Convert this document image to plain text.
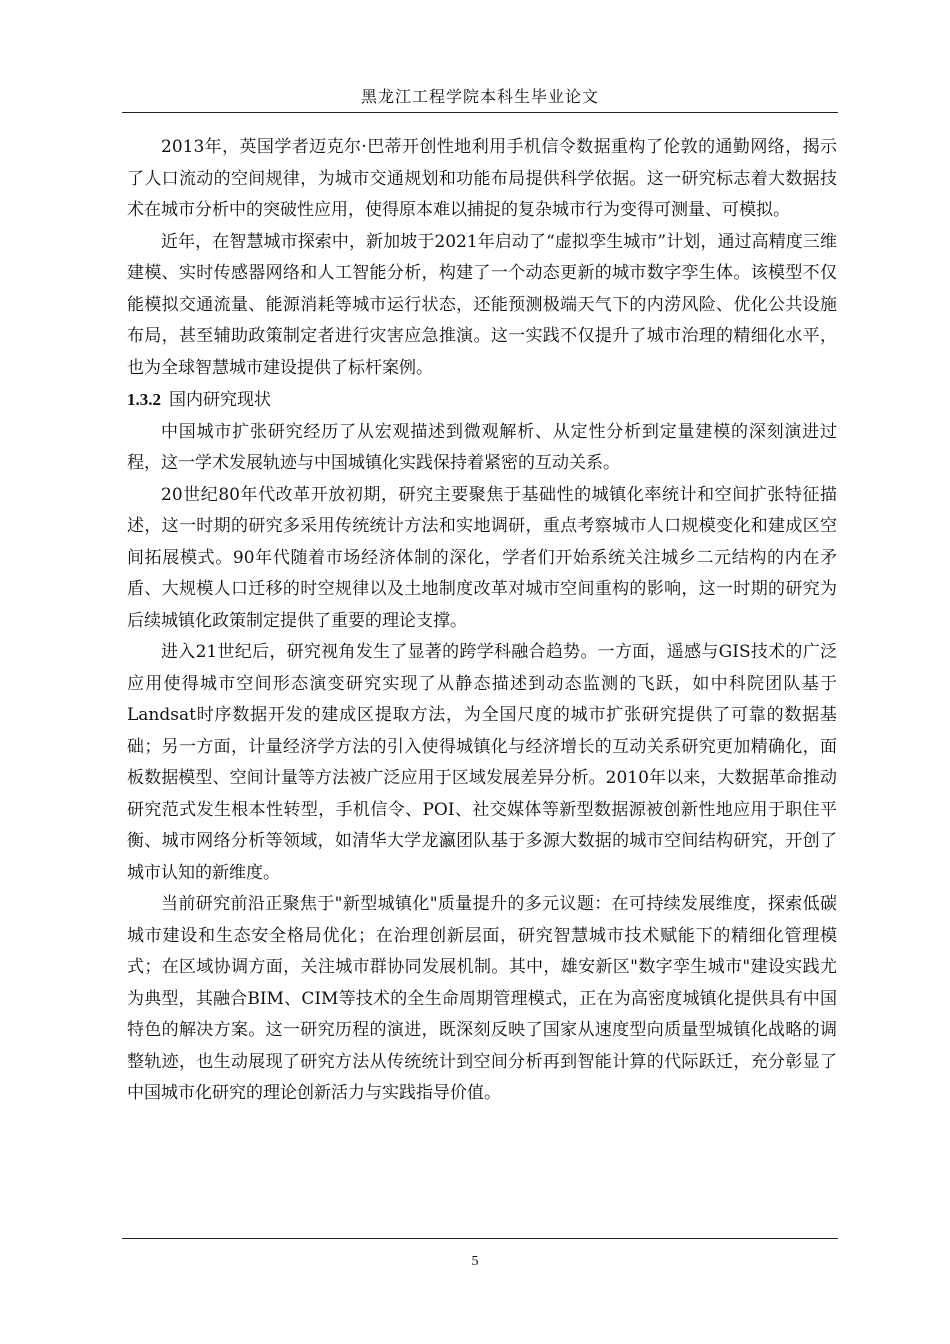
黑龙江工程学院本科生毕业论文

2013年，英国学者迈克尔·巴蒂开创性地利用手机信令数据重构了伦敦的通勤网络，揭示了人口流动的空间规律，为城市交通规划和功能布局提供科学依据。这一研究标志着大数据技术在城市分析中的突破性应用，使得原本难以捕捉的复杂城市行为变得可测量、可模拟。

近年，在智慧城市探索中，新加坡于2021年启动了“虚拟孪生城市”计划，通过高精度三维建模、实时传感器网络和人工智能分析，构建了一个动态更新的城市数字孪生体。该模型不仅能模拟交通流量、能源消耗等城市运行状态，还能预测极端天气下的内涝风险、优化公共设施布局，甚至辅助政策制定者进行灾害应急推演。这一实践不仅提升了城市治理的精细化水平，也为全球智慧城市建设提供了标杆案例。

1.3.2 国内研究现状

中国城市扩张研究经历了从宏观描述到微观解析、从定性分析到定量建模的深刻演进过程，这一学术发展轨迹与中国城镇化实践保持着紧密的互动关系。

20世纪80年代改革开放初期，研究主要聚焦于基础性的城镇化率统计和空间扩张特征描述，这一时期的研究多采用传统统计方法和实地调研，重点考察城市人口规模变化和建成区空间拓展模式。90年代随着市场经济体制的深化，学者们开始系统关注城乡二元结构的内在矛盾、大规模人口迁移的时空规律以及土地制度改革对城市空间重构的影响，这一时期的研究为后续城镇化政策制定提供了重要的理论支撑。

进入21世纪后，研究视角发生了显著的跨学科融合趋势。一方面，遥感与GIS技术的广泛应用使得城市空间形态演变研究实现了从静态描述到动态监测的飞跃，如中科院团队基于Landsat时序数据开发的建成区提取方法，为全国尺度的城市扩张研究提供了可靠的数据基础；另一方面，计量经济学方法的引入使得城镇化与经济增长的互动关系研究更加精确化，面板数据模型、空间计量等方法被广泛应用于区域发展差异分析。2010年以来，大数据革命推动研究范式发生根本性转型，手机信令、POI、社交媒体等新型数据源被创新性地应用于职住平衡、城市网络分析等领域，如清华大学龙瀛团队基于多源大数据的城市空间结构研究，开创了城市认知的新维度。

当前研究前沿正聚焦于"新型城镇化"质量提升的多元议题：在可持续发展维度，探索低碳城市建设和生态安全格局优化；在治理创新层面，研究智慧城市技术赋能下的精细化管理模式；在区域协调方面，关注城市群协同发展机制。其中，雄安新区"数字孪生城市"建设实践尤为典型，其融合BIM、CIM等技术的全生命周期管理模式，正在为高密度城镇化提供具有中国特色的解决方案。这一研究历程的演进，既深刻反映了国家从速度型向质量型城镇化战略的调整轨迹，也生动展现了研究方法从传统统计到空间分析再到智能计算的代际跃迁，充分彰显了中国城市化研究的理论创新活力与实践指导价值。

5
